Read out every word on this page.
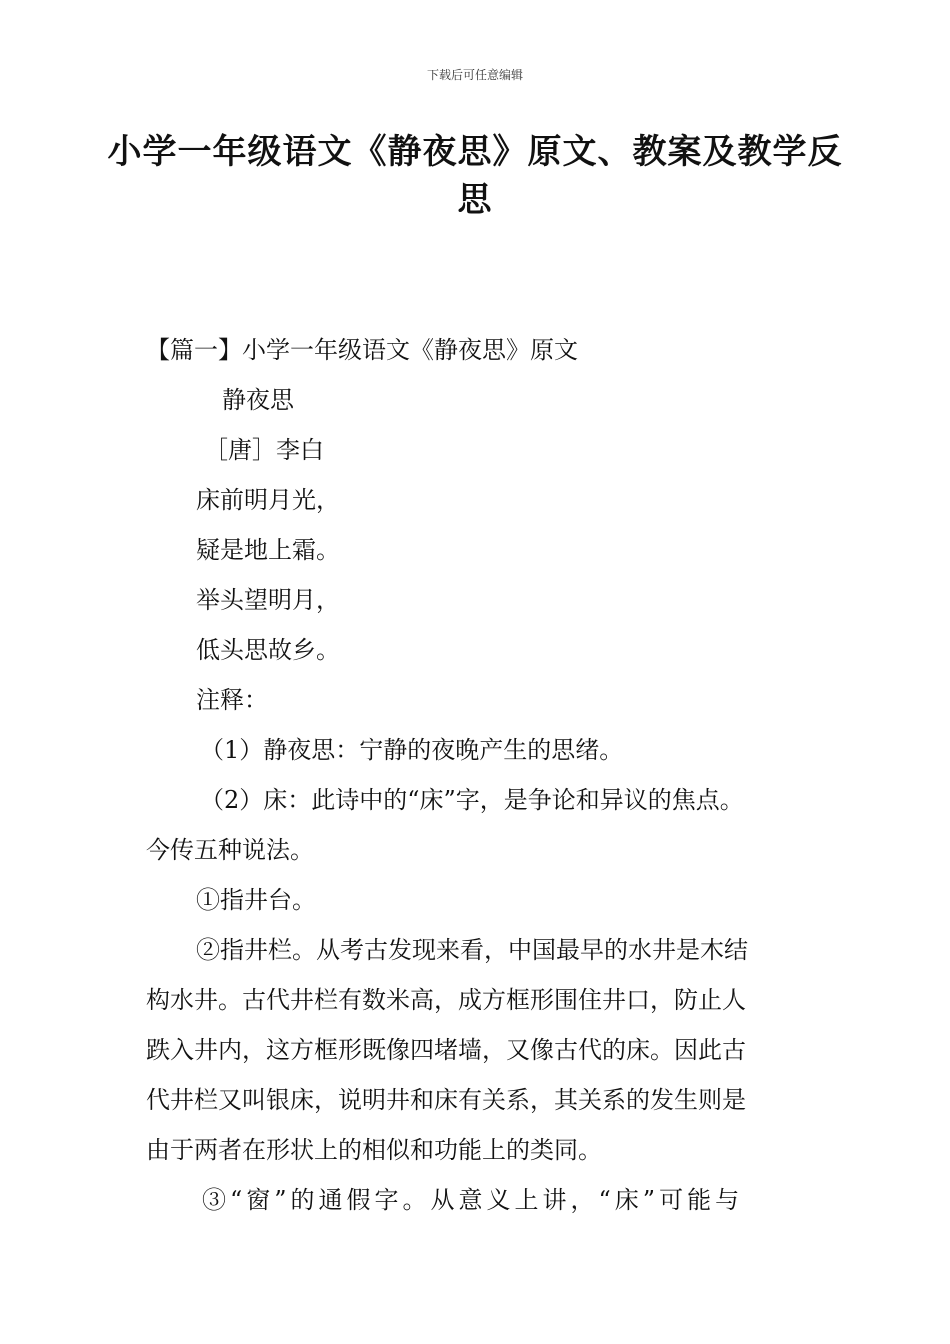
下载后可任意编辑
小学一年级语文《静夜思》原文、教案及教学反思
【篇一】小学一年级语文《静夜思》原文
静夜思
［唐］李白
床前明月光，
疑是地上霜。
举头望明月，
低头思故乡。
注释：
（1）静夜思：宁静的夜晚产生的思绪。
（2）床：此诗中的“床”字，是争论和异议的焦点。
今传五种说法。
①指井台。
②指井栏。从考古发现来看，中国最早的水井是木结
构水井。古代井栏有数米高，成方框形围住井口，防止人
跌入井内，这方框形既像四堵墙，又像古代的床。因此古
代井栏又叫银床，说明井和床有关系，其关系的发生则是
由于两者在形状上的相似和功能上的类同。
③“窗”的通假字。从意义上讲，“床”可能与
